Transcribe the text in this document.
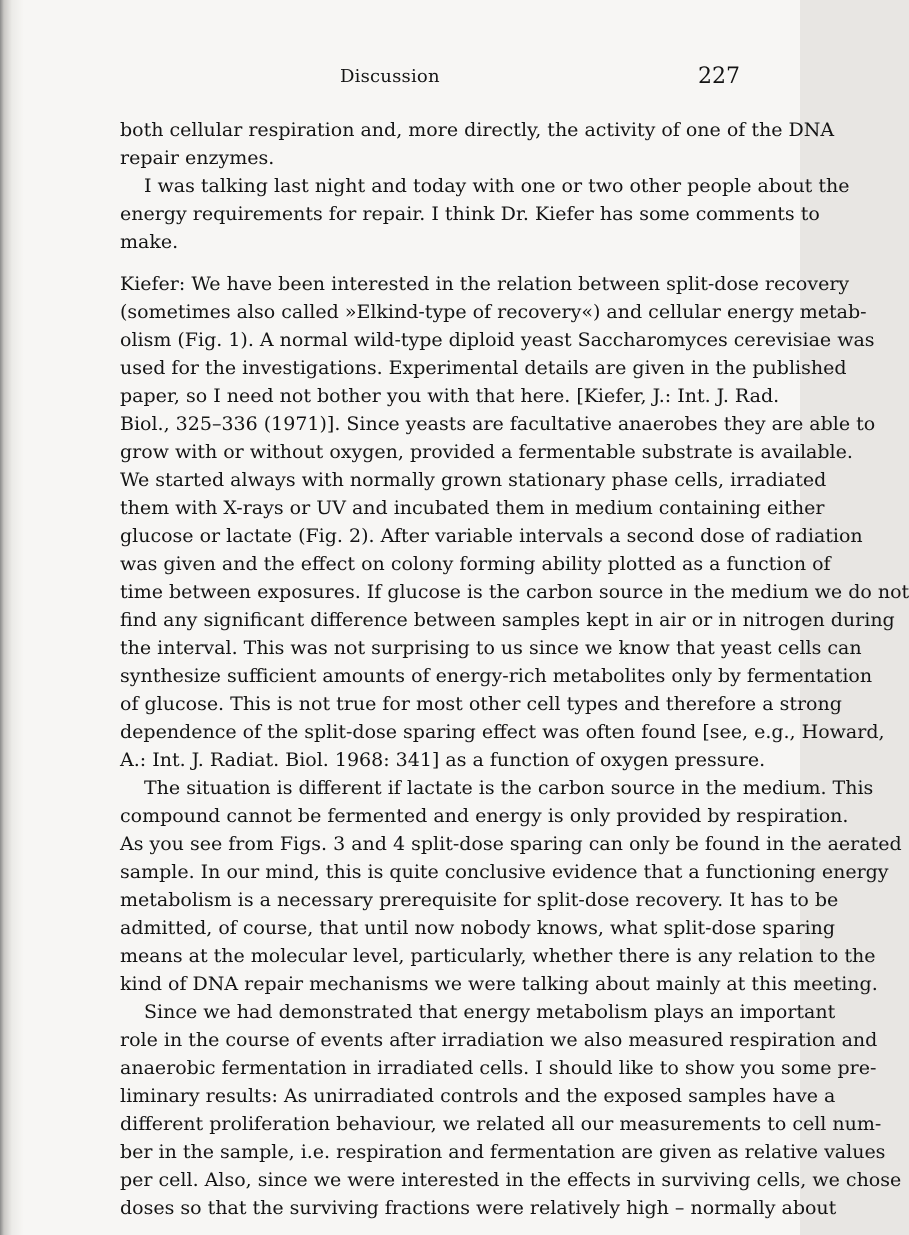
Discussion	227
both cellular respiration and, more directly, the activity of one of the DNA
repair enzymes.
I was talking last night and today with one or two other people about the
energy requirements for repair. I think Dr. Kiefer has some comments to
make.
Kiefer: We have been interested in the relation between split-dose recovery
(sometimes also called »Elkind-type of recovery«) and cellular energy metab-
olism (Fig. 1). A normal wild-type diploid yeast Saccharomyces cerevisiae was
used for the investigations. Experimental details are given in the published
paper, so I need not bother you with that here. [Kiefer, J.: Int. J. Rad.
Biol., 325–336 (1971)]. Since yeasts are facultative anaerobes they are able to
grow with or without oxygen, provided a fermentable substrate is available.
We started always with normally grown stationary phase cells, irradiated
them with X-rays or UV and incubated them in medium containing either
glucose or lactate (Fig. 2). After variable intervals a second dose of radiation
was given and the effect on colony forming ability plotted as a function of
time between exposures. If glucose is the carbon source in the medium we do not
find any significant difference between samples kept in air or in nitrogen during
the interval. This was not surprising to us since we know that yeast cells can
synthesize sufficient amounts of energy-rich metabolites only by fermentation
of glucose. This is not true for most other cell types and therefore a strong
dependence of the split-dose sparing effect was often found [see, e.g., Howard,
A.: Int. J. Radiat. Biol. 1968: 341] as a function of oxygen pressure.
The situation is different if lactate is the carbon source in the medium. This
compound cannot be fermented and energy is only provided by respiration.
As you see from Figs. 3 and 4 split-dose sparing can only be found in the aerated
sample. In our mind, this is quite conclusive evidence that a functioning energy
metabolism is a necessary prerequisite for split-dose recovery. It has to be
admitted, of course, that until now nobody knows, what split-dose sparing
means at the molecular level, particularly, whether there is any relation to the
kind of DNA repair mechanisms we were talking about mainly at this meeting.
Since we had demonstrated that energy metabolism plays an important
role in the course of events after irradiation we also measured respiration and
anaerobic fermentation in irradiated cells. I should like to show you some pre-
liminary results: As unirradiated controls and the exposed samples have a
different proliferation behaviour, we related all our measurements to cell num-
ber in the sample, i.e. respiration and fermentation are given as relative values
per cell. Also, since we were interested in the effects in surviving cells, we chose
doses so that the surviving fractions were relatively high – normally about
